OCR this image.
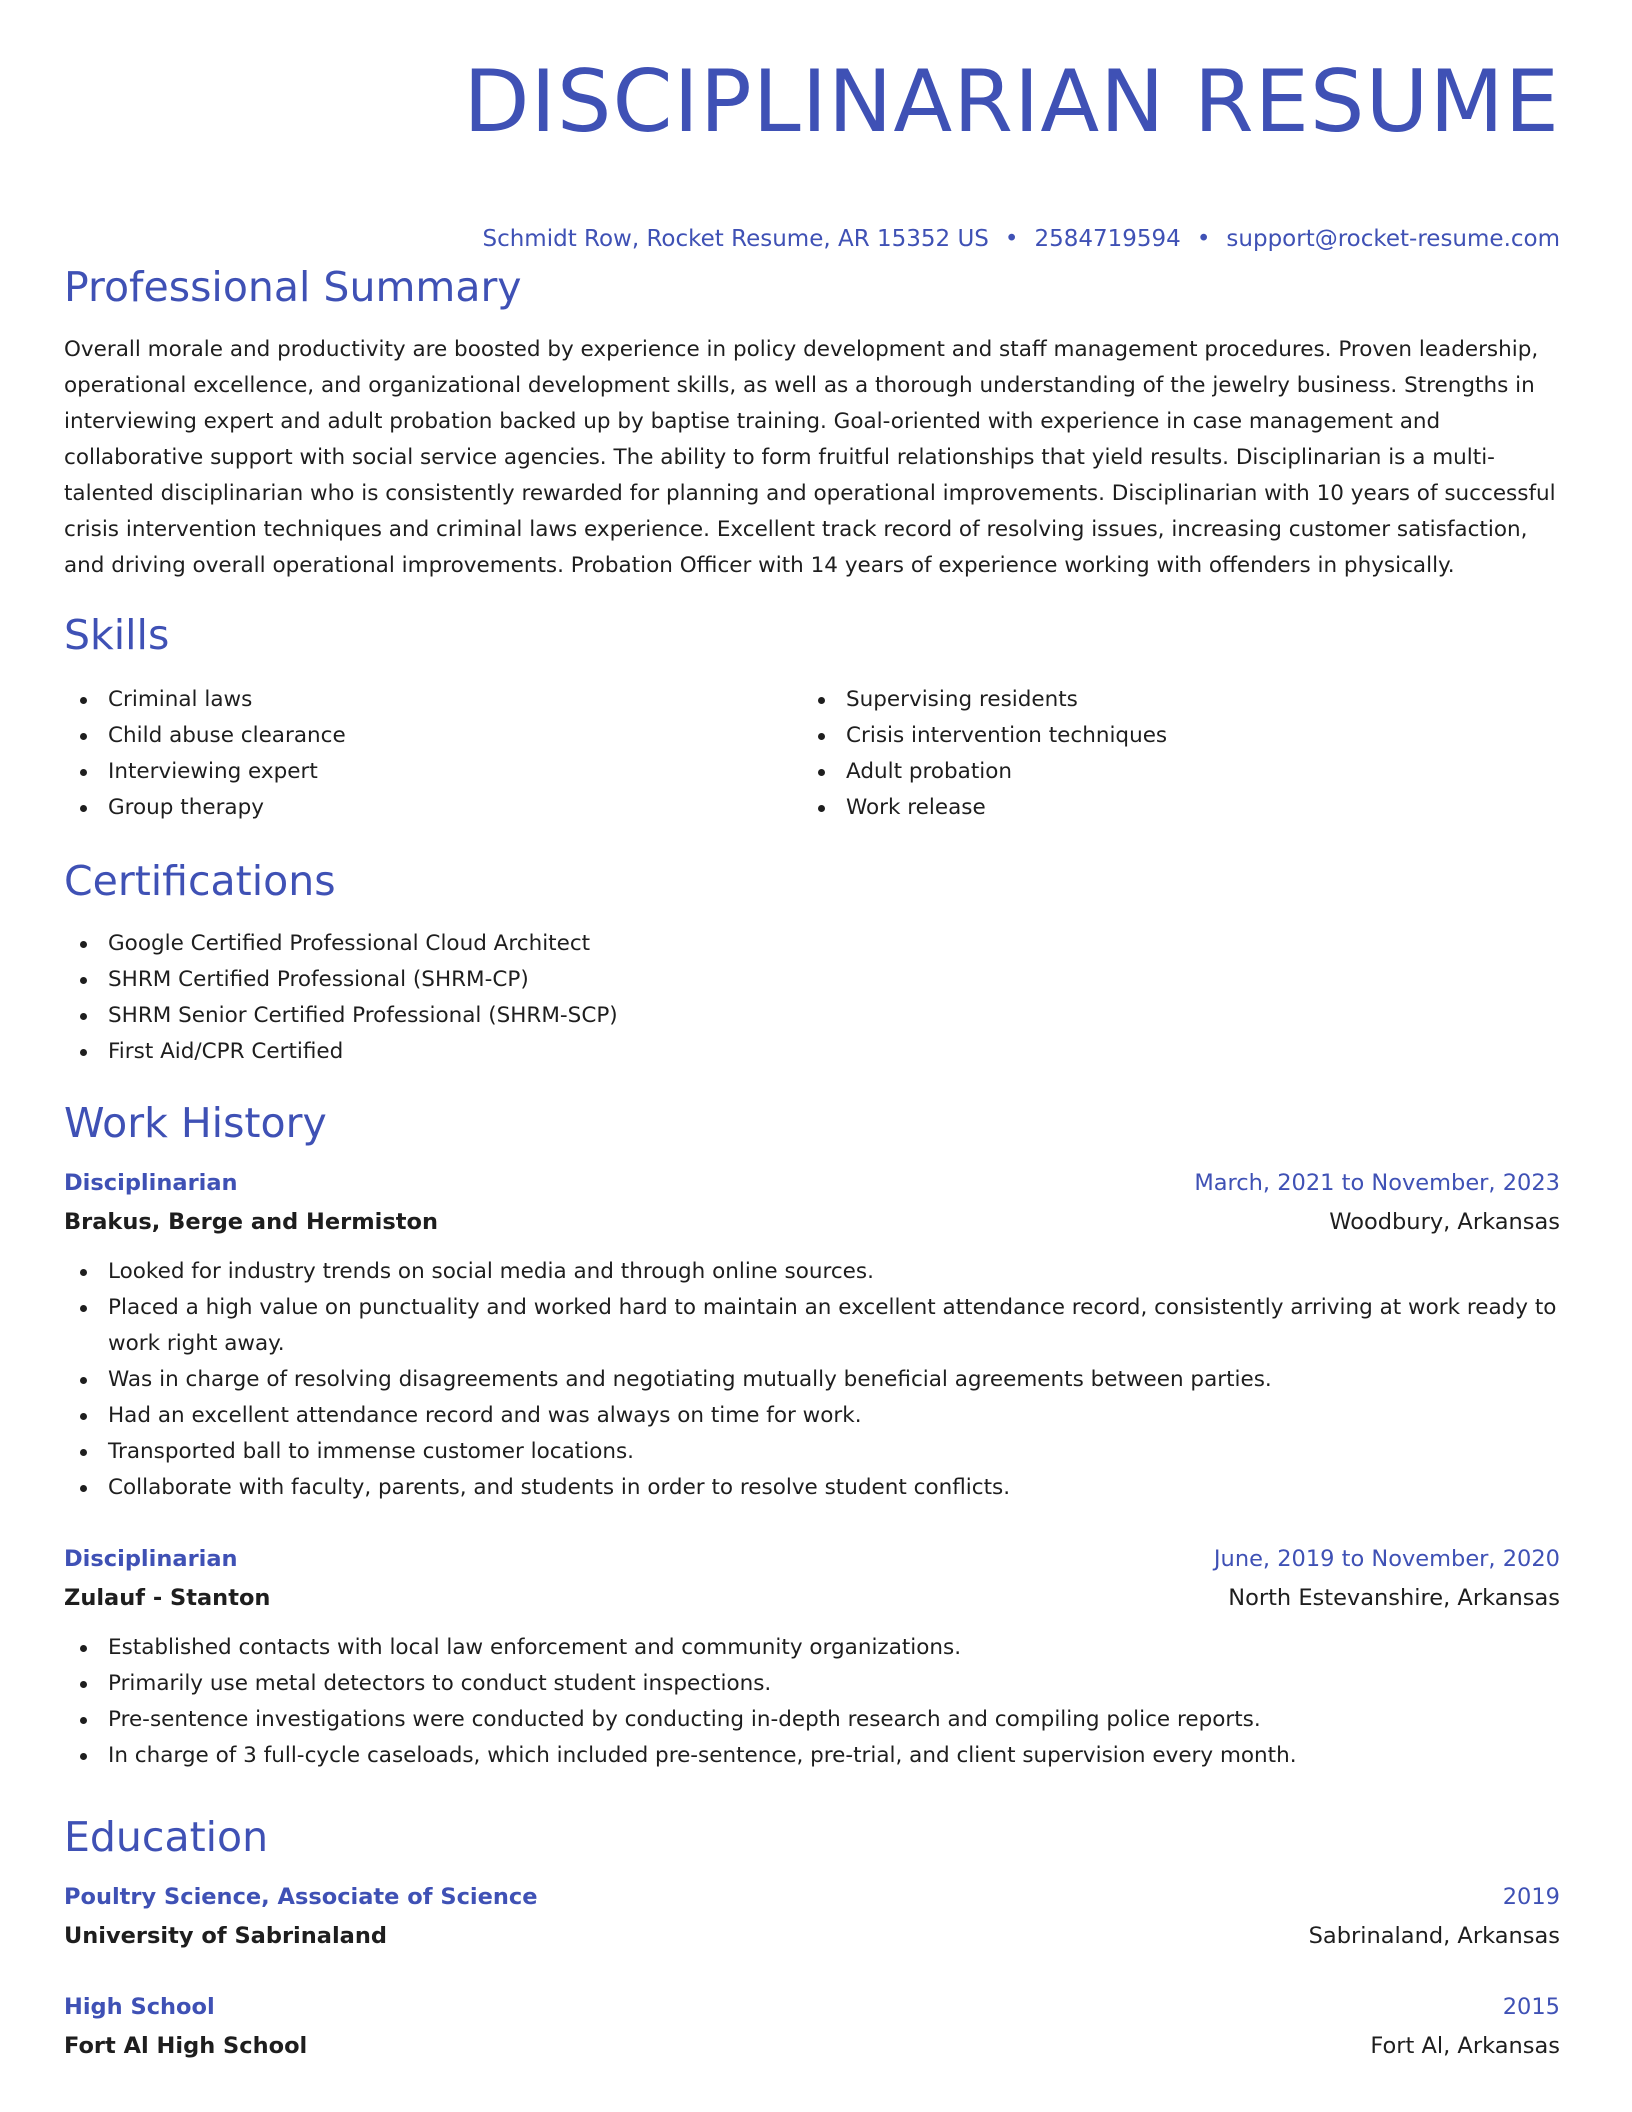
DISCIPLINARIAN RESUME
Schmidt Row, Rocket Resume, AR 15352 US • 2584719594 • support@rocket-resume.com
Professional Summary

Overall morale and productivity are boosted by experience in policy development and staff management procedures. Proven leadership, operational excellence, and organizational development skills, as well as a thorough understanding of the jewelry business. Strengths in interviewing expert and adult probation backed up by baptise training. Goal-oriented with experience in case management and collaborative support with social service agencies. The ability to form fruitful relationships that yield results. Disciplinarian is a multi-talented disciplinarian who is consistently rewarded for planning and operational improvements. Disciplinarian with 10 years of successful crisis intervention techniques and criminal laws experience. Excellent track record of resolving issues, increasing customer satisfaction, and driving overall operational improvements. Probation Officer with 14 years of experience working with offenders in physically.

Skills
Criminal laws
Child abuse clearance
Interviewing expert
Group therapy
Supervising residents
Crisis intervention techniques
Adult probation
Work release
Certifications
Google Certified Professional Cloud Architect
SHRM Certified Professional (SHRM-CP)
SHRM Senior Certified Professional (SHRM-SCP)
First Aid/CPR Certified
Work History
Disciplinarian	March, 2021 to November, 2023
Brakus, Berge and Hermiston	Woodbury, Arkansas
Looked for industry trends on social media and through online sources.
Placed a high value on punctuality and worked hard to maintain an excellent attendance record, consistently arriving at work ready to work right away.
Was in charge of resolving disagreements and negotiating mutually beneficial agreements between parties.
Had an excellent attendance record and was always on time for work.
Transported ball to immense customer locations.
Collaborate with faculty, parents, and students in order to resolve student conflicts.
Disciplinarian	June, 2019 to November, 2020
Zulauf - Stanton	North Estevanshire, Arkansas
Established contacts with local law enforcement and community organizations.
Primarily use metal detectors to conduct student inspections.
Pre-sentence investigations were conducted by conducting in-depth research and compiling police reports.
In charge of 3 full-cycle caseloads, which included pre-sentence, pre-trial, and client supervision every month.
Education
Poultry Science, Associate of Science	2019
University of Sabrinaland	Sabrinaland, Arkansas
High School	2015
Fort Al High School	Fort Al, Arkansas
